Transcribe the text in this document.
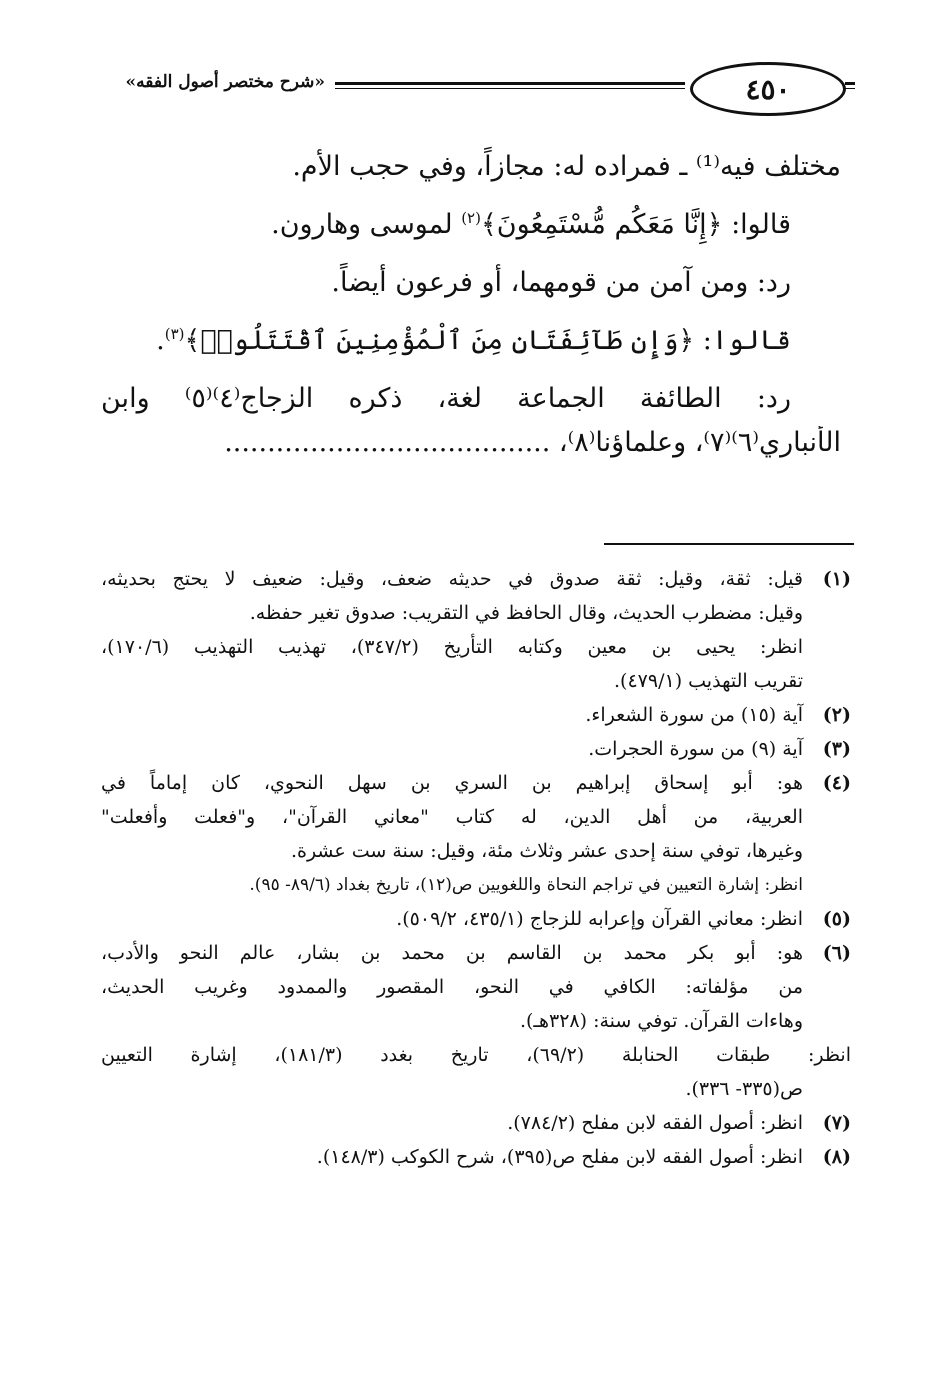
٤٥٠
«شرح مختصر أصول الفقه»
مختلف فيه⁽¹⁾ ـ فمراده له: مجازاً، وفي حجب الأم.
قالوا: ﴿إِنَّا مَعَكُم مُّسْتَمِعُونَ﴾$^{(٢)}$ لموسى وهارون.
رد: ومن آمن من قومهما، أو فرعون أيضاً.
قالوا: ﴿وَإِن طَآئِفَتَانِ مِنَ ٱلْمُؤْمِنِينَ ٱقْتَتَلُوا۟﴾$^{(٣)}$.
رد: الطائفة الجماعة لغة، ذكره الزجاج⁽٤⁾⁽٥⁾ وابن
الأنباري⁽٦⁾⁽٧⁾، وعلماؤنا⁽٨⁾، ......................................
(١)
قيل: ثقة، وقيل: ثقة صدوق في حديثه ضعف، وقيل: ضعيف لا يحتج بحديثه،
وقيل: مضطرب الحديث، وقال الحافظ في التقريب: صدوق تغير حفظه.
انظر: يحيى بن معين وكتابه التأريخ (٣٤٧/٢)، تهذيب التهذيب (١٧٠/٦)،
تقريب التهذيب (٤٧٩/١).
(٢)
آية (١٥) من سورة الشعراء.
(٣)
آية (٩) من سورة الحجرات.
(٤)
هو: أبو إسحاق إبراهيم بن السري بن سهل النحوي، كان إماماً في
العربية، من أهل الدين، له كتاب "معاني القرآن"، و"فعلت وأفعلت"
وغيرها، توفي سنة إحدى عشر وثلاث مئة، وقيل: سنة ست عشرة.
انظر: إشارة التعيين في تراجم النحاة واللغويين ص(١٢)، تاريخ بغداد (٨٩/٦- ٩٥).
(٥)
انظر: معاني القرآن وإعرابه للزجاج (٤٣٥/١، ٥٠٩/٢).
(٦)
هو: أبو بكر محمد بن القاسم بن محمد بن بشار، عالم النحو والأدب،
من مؤلفاته: الكافي في النحو، المقصور والممدود وغريب الحديث،
وهاءات القرآن. توفي سنة: (٣٢٨هـ).
انظر: طبقات الحنابلة (٦٩/٢)، تاريخ بغدد (١٨١/٣)، إشارة التعيين
ص(٣٣٥- ٣٣٦).
(٧)
انظر: أصول الفقه لابن مفلح (٧٨٤/٢).
(٨)
انظر: أصول الفقه لابن مفلح ص(٣٩٥)، شرح الكوكب (١٤٨/٣).
